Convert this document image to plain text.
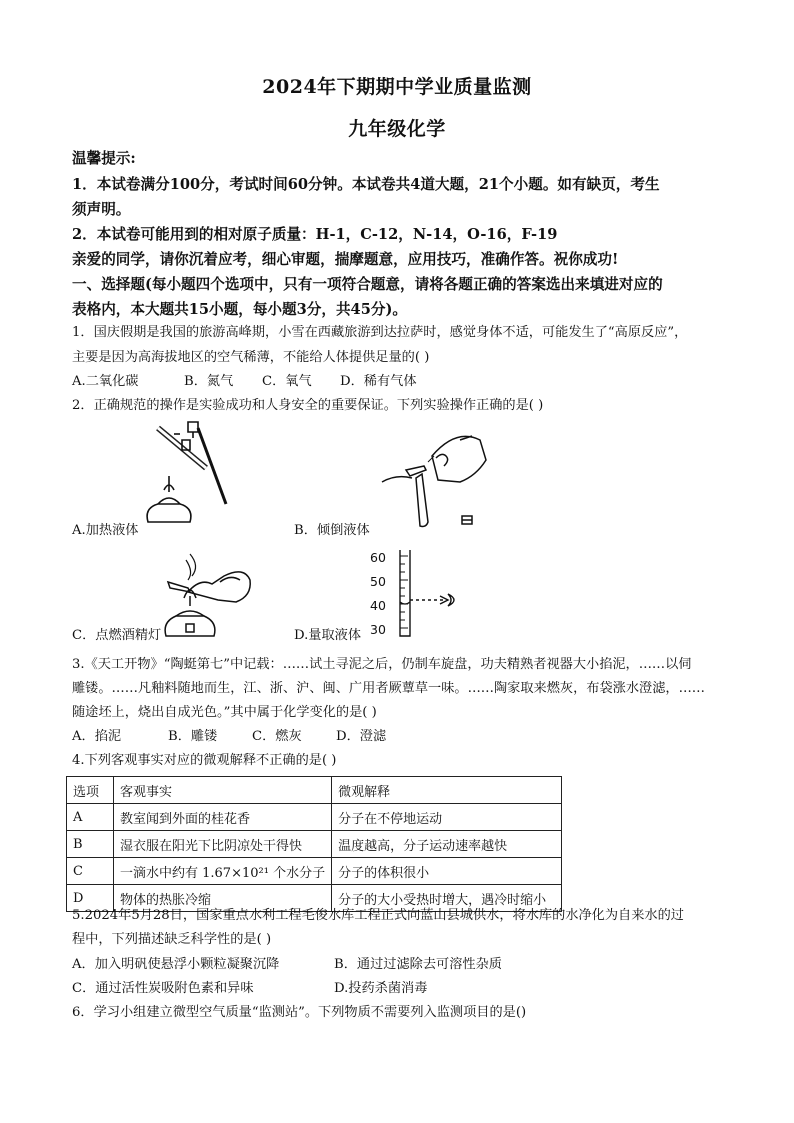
2024年下期期中学业质量监测
九年级化学
温馨提示:
1．本试卷满分100分，考试时间60分钟。本试卷共4道大题，21个小题。如有缺页，考生
须声明。
2．本试卷可能用到的相对原子质量：H-1，C-12，N-14，O-16，F-19
亲爱的同学，请你沉着应考，细心审题，揣摩题意，应用技巧，准确作答。祝你成功!
一、选择题(每小题四个选项中，只有一项符合题意，请将各题正确的答案选出来填进对应的
表格内，本大题共15小题，每小题3分，共45分)。
1．国庆假期是我国的旅游高峰期，小雪在西藏旅游到达拉萨时，感觉身体不适，可能发生了“高原反应”，
主要是因为高海拔地区的空气稀薄，不能给人体提供足量的( )
A.二氧化碳	B．氮气 C．氧气 D．稀有气体
2．正确规范的操作是实验成功和人身安全的重要保证。下列实验操作正确的是( )
A.加热液体	B．倾倒液体
C．点燃酒精灯
60
50
40
30
D.量取液体
3.《天工开物》“陶蜓第七”中记载：……试土寻泥之后，仍制车旋盘，功夫精熟者视器大小掐泥，……以伺
雕镂。……凡釉料随地而生，江、浙、沪、闽、广用者厥蕈草一味。……陶家取来燃灰，布袋涨水澄滤，……
随途坯上，烧出自成光色。”其中属于化学变化的是( )
A．掐泥	B．雕镂	C．燃灰	D．澄滤
4.下列客观事实对应的微观解释不正确的是( )
选项	客观事实	微观解释
A	教室闻到外面的桂花香	分子在不停地运动
B	湿衣服在阳光下比阴凉处干得快	温度越高，分子运动速率越快
C	一滴水中约有 1.67×10²¹ 个水分子	分子的体积很小
D	物体的热胀冷缩	分子的大小受热时增大，遇冷时缩小
5.2024年5月28日，国家重点水利工程毛俊水库工程正式向蓝山县城供水，将水库的水净化为自来水的过
程中，下列描述缺乏科学性的是( )
A．加入明矾使悬浮小颗粒凝聚沉降	B．通过过滤除去可溶性杂质
C．通过活性炭吸附色素和异味	D.投药杀菌消毒
6．学习小组建立微型空气质量“监测站”。下列物质不需要列入监测项目的是()
